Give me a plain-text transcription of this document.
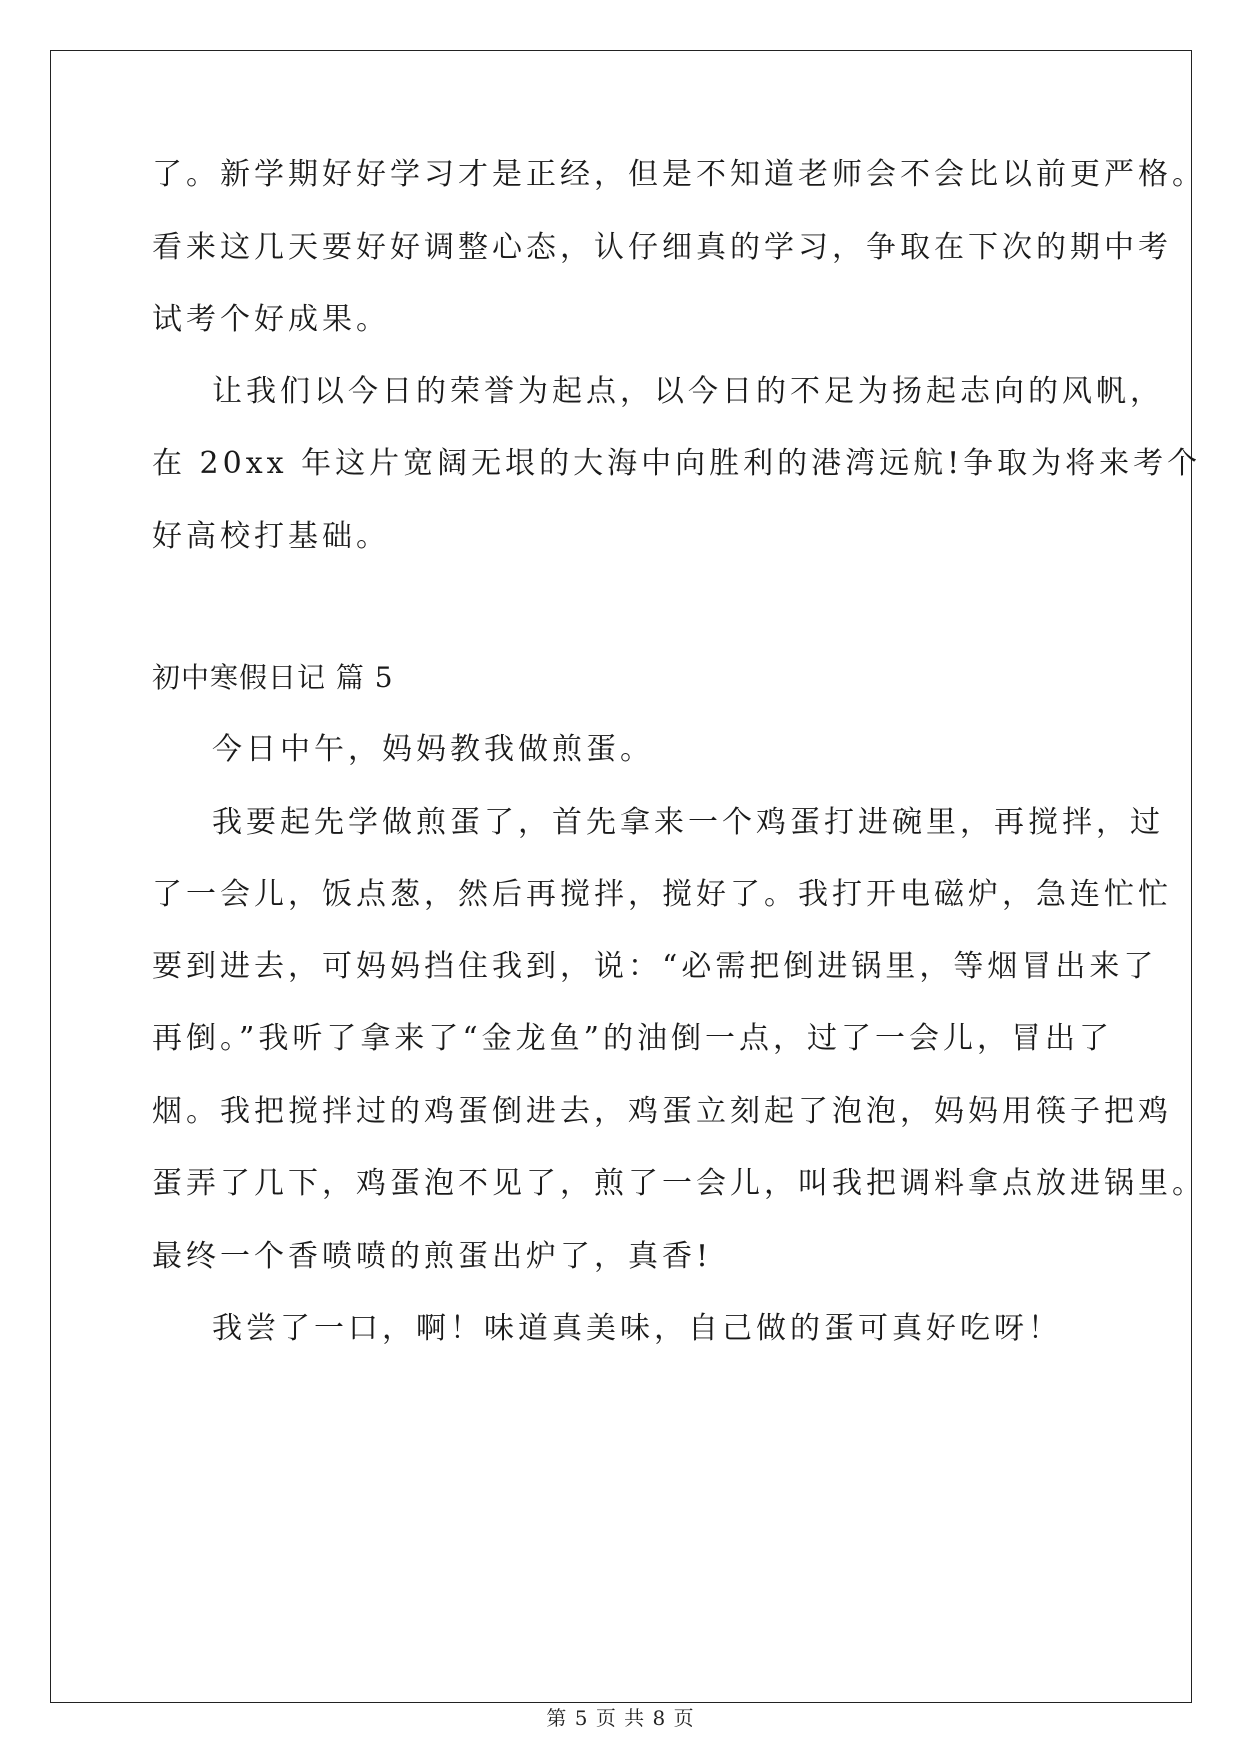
了。新学期好好学习才是正经，但是不知道老师会不会比以前更严格。
看来这几天要好好调整心态，认仔细真的学习，争取在下次的期中考
试考个好成果。
让我们以今日的荣誉为起点，以今日的不足为扬起志向的风帆，
在 20xx 年这片宽阔无垠的大海中向胜利的港湾远航!争取为将来考个
好高校打基础。
初中寒假日记 篇 5
今日中午，妈妈教我做煎蛋。
我要起先学做煎蛋了，首先拿来一个鸡蛋打进碗里，再搅拌，过
了一会儿，饭点葱，然后再搅拌，搅好了。我打开电磁炉，急连忙忙
要到进去，可妈妈挡住我到，说：“必需把倒进锅里，等烟冒出来了
再倒。”我听了拿来了“金龙鱼”的油倒一点，过了一会儿，冒出了
烟。我把搅拌过的鸡蛋倒进去，鸡蛋立刻起了泡泡，妈妈用筷子把鸡
蛋弄了几下，鸡蛋泡不见了，煎了一会儿，叫我把调料拿点放进锅里。
最终一个香喷喷的煎蛋出炉了，真香!
我尝了一口，啊！味道真美味，自己做的蛋可真好吃呀！
第 5 页 共 8 页
